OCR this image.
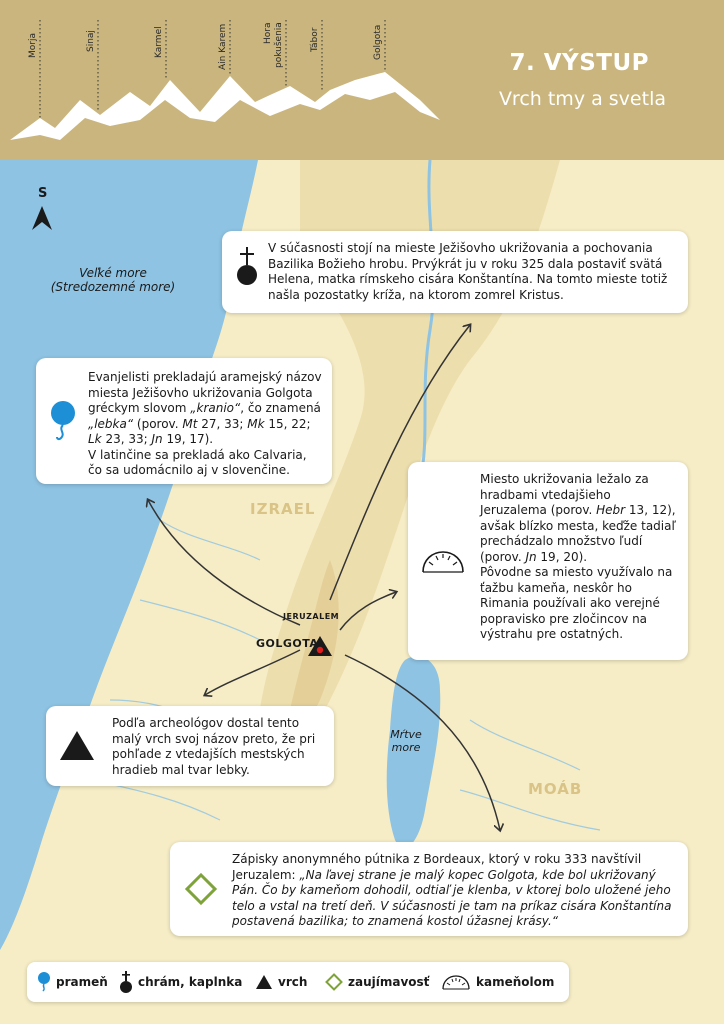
Morja	Sinaj	Karmel	Ain Karem	Hora pokušenia	Tábor	Golgota
7. VÝSTUP
Vrch tmy a svetla
S
Veľké more
(Stredozemné more)
IZRAEL
MOÁB
Mŕtve
more
JERUZALEM
GOLGOTA

V súčasnosti stojí na mieste Ježišovho ukrižovania a pochovania Bazilika Božieho hrobu. Prvýkrát ju v roku 325 dala postaviť svätá Helena, matka rímskeho cisára Konštantína. Na tomto mieste totiž našla pozostatky kríža, na ktorom zomrel Kristus.

Evanjelisti prekladajú aramejský názov miesta Ježišovho ukrižovania Golgota gréckym slovom „kranio“, čo znamená „lebka“ (porov. Mt 27, 33; Mk 15, 22; Lk 23, 33; Jn 19, 17).
V latinčine sa prekladá ako Calvaria, čo sa udomácnilo aj v slovenčine.

Miesto ukrižovania ležalo za hradbami vtedajšieho Jeruzalema (porov. Hebr 13, 12), avšak blízko mesta, keďže tadiaľ prechádzalo množstvo ľudí (porov. Jn 19, 20).
Pôvodne sa miesto využívalo na ťažbu kameňa, neskôr ho Rimania používali ako verejné popravisko pre zločincov na výstrahu pre ostatných.

Podľa archeológov dostal tento malý vrch svoj názov preto, že pri pohľade z vtedajších mestských hradieb mal tvar lebky.

Zápisky anonymného pútnika z Bordeaux, ktorý v roku 333 navštívil Jeruzalem: „Na ľavej strane je malý kopec Golgota, kde bol ukrižovaný Pán. Čo by kameňom dohodil, odtiaľ je klenba, v ktorej bolo uložené jeho telo a vstal na tretí deň. V súčasnosti je tam na príkaz cisára Konštantína postavená bazilika; to znamená kostol úžasnej krásy.“

prameň	chrám, kaplnka	vrch	zaujímavosť	kameňolom
